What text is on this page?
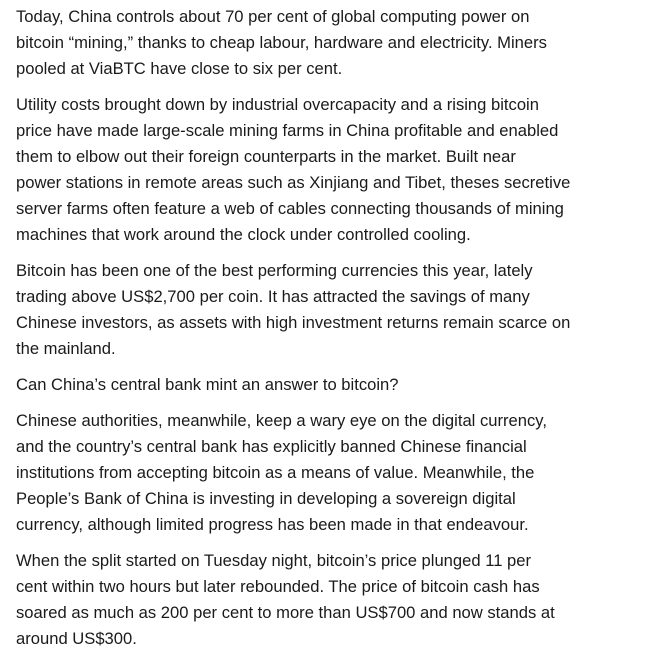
Today, China controls about 70 per cent of global computing power on
bitcoin “mining,” thanks to cheap labour, hardware and electricity. Miners
pooled at ViaBTC have close to six per cent.

Utility costs brought down by industrial overcapacity and a rising bitcoin
price have made large-scale mining farms in China profitable and enabled
them to elbow out their foreign counterparts in the market. Built near
power stations in remote areas such as Xinjiang and Tibet, theses secretive
server farms often feature a web of cables connecting thousands of mining
machines that work around the clock under controlled cooling.

Bitcoin has been one of the best performing currencies this year, lately
trading above US$2,700 per coin. It has attracted the savings of many
Chinese investors, as assets with high investment returns remain scarce on
the mainland.

Can China’s central bank mint an answer to bitcoin?

Chinese authorities, meanwhile, keep a wary eye on the digital currency,
and the country’s central bank has explicitly banned Chinese financial
institutions from accepting bitcoin as a means of value. Meanwhile, the
People’s Bank of China is investing in developing a sovereign digital
currency, although limited progress has been made in that endeavour.

When the split started on Tuesday night, bitcoin’s price plunged 11 per
cent within two hours but later rebounded. The price of bitcoin cash has
soared as much as 200 per cent to more than US$700 and now stands at
around US$300.
